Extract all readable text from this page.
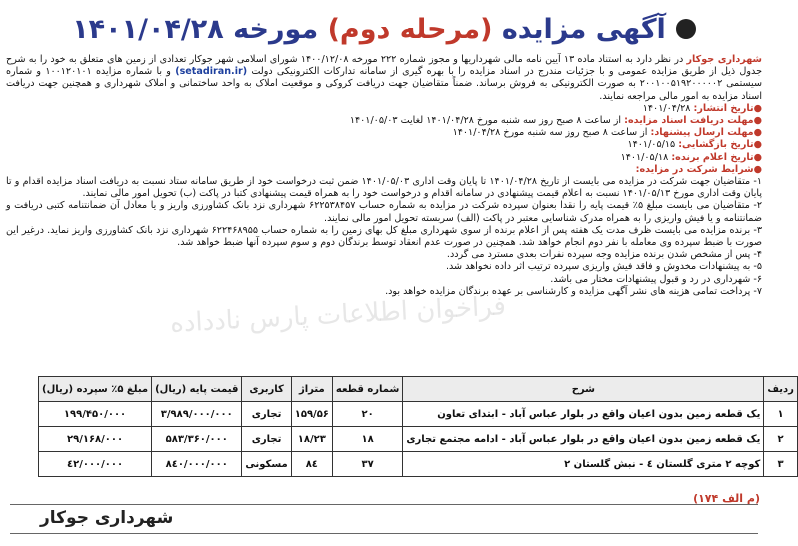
آگهی مزایده (مرحله دوم) مورخه ۱۴۰۱/۰۴/۲۸

شهرداری جوکار در نظر دارد به استناد ماده ۱۳ آیین نامه مالی شهرداریها و مجوز شماره ۲۲۲ مورخه ۱۴۰۰/۱۲/۰۸ شورای اسلامی شهر جوکار تعدادی از زمین های متعلق به خود را به شرح جدول ذیل از طریق مزایده عمومی و با جزئیات مندرج در اسناد مزایده را با بهره گیری از سامانه تدارکات الکترونیکی دولت (setadiran.ir) و با شماره مزایده ۱۰۰۱۲۰۱۰۱ و شماره سیستمی ۲۰۰۱۰۰۵۱۹۲۰۰۰۰۰۲ به صورت الکترونیکی به فروش برساند. ضمناً متقاضیان جهت دریافت کروکی و موقعیت املاک به واحد ساختمانی و املاک شهرداری و همچنین جهت دریافت اسناد مزایده به امور مالی مراجعه نمایند.

●تاریخ انتشار: ۱۴۰۱/۰۴/۲۸

●مهلت دریافت اسناد مزایده: از ساعت ۸ صبح روز سه شنبه مورخ ۱۴۰۱/۰۴/۲۸ لغایت ۱۴۰۱/۰۵/۰۳

●مهلت ارسال پیشنهاد: از ساعت ۸ صبح روز سه شنبه مورخ ۱۴۰۱/۰۴/۲۸

●تاریخ بازگشایی: ۱۴۰۱/۰۵/۱۵

●تاریخ اعلام برنده: ۱۴۰۱/۰۵/۱۸

●شرایط شرکت در مزایده:

۱- متقاضیان جهت شرکت در مزایده می بایست از تاریخ ۱۴۰۱/۰۴/۲۸ تا پایان وقت اداری ۱۴۰۱/۰۵/۰۳ ضمن ثبت درخواست خود از طریق سامانه ستاد نسبت به دریافت اسناد مزایده اقدام و تا پایان وقت اداری مورخ ۱۴۰۱/۰۵/۱۳ نسبت به اعلام قیمت پیشنهادی در سامانه اقدام و درخواست خود را به همراه قیمت پیشنهادی کتبا در پاکت (ب) تحویل امور مالی نمایند.

۲- متقاضیان می بایست مبلغ ۵٪ قیمت پایه را نقدا بعنوان سپرده شرکت در مزایده به شماره حساب ۶۲۲۵۳۸۴۵۷ شهرداری نزد بانک کشاورزی واریز و یا معادل آن ضمانتنامه کتبی دریافت و ضمانتنامه و یا فیش واریزی را به همراه مدرک شناسایی معتبر در پاکت (الف) سربسته تحویل امور مالی نمایند.

۳- برنده مزایده می بایست ظرف مدت یک هفته پس از اعلام برنده از سوی شهرداری مبلغ کل بهای زمین را به شماره حساب ۶۲۲۴۶۸۹۵۵ شهرداری نزد بانک کشاورزی واریز نماید. درغیر این صورت با ضبط سپرده وی معامله با نفر دوم انجام خواهد شد. همچنین در صورت عدم انعقاد توسط برندگان دوم و سوم سپرده آنها ضبط خواهد شد.

۴- پس از مشخص شدن برنده مزایده وجه سپرده نفرات بعدی مسترد می گردد.

۵- به پیشنهادات مخدوش و فاقد فیش واریزی سپرده ترتیب اثر داده نخواهد شد.

۶- شهرداری در رد و قبول پیشنهادات مختار می باشد.

۷- پرداخت تمامی هزینه های نشر آگهی مزایده و کارشناسی بر عهده برندگان مزایده خواهد بود.

فراخوان اطلاعات پارس نادداده
ردیف	شرح	شماره قطعه	متراژ	کاربری	قیمت پایه (ریال)	مبلغ ۵٪ سپرده (ریال)
۱	یک قطعه زمین بدون اعیان واقع در بلوار عباس آباد - ابتدای تعاون	۲۰	۱۵۹/۵۶	تجاری	۳/۹۸۹/۰۰۰/۰۰۰	۱۹۹/۴۵۰/۰۰۰
۲	یک قطعه زمین بدون اعیان واقع در بلوار عباس آباد - ادامه مجتمع تجاری	۱۸	۱۸/۲۳	تجاری	۵۸۳/۳۶۰/۰۰۰	۲۹/۱۶۸/۰۰۰
۳	کوچه ۲ متری گلستان ٤ - نبش گلستان ۲	۳۷	۸٤	مسکونی	۸٤۰/۰۰۰/۰۰۰	٤۲/۰۰۰/۰۰۰
(م الف ۱۷۴)
شهرداری جوکار
